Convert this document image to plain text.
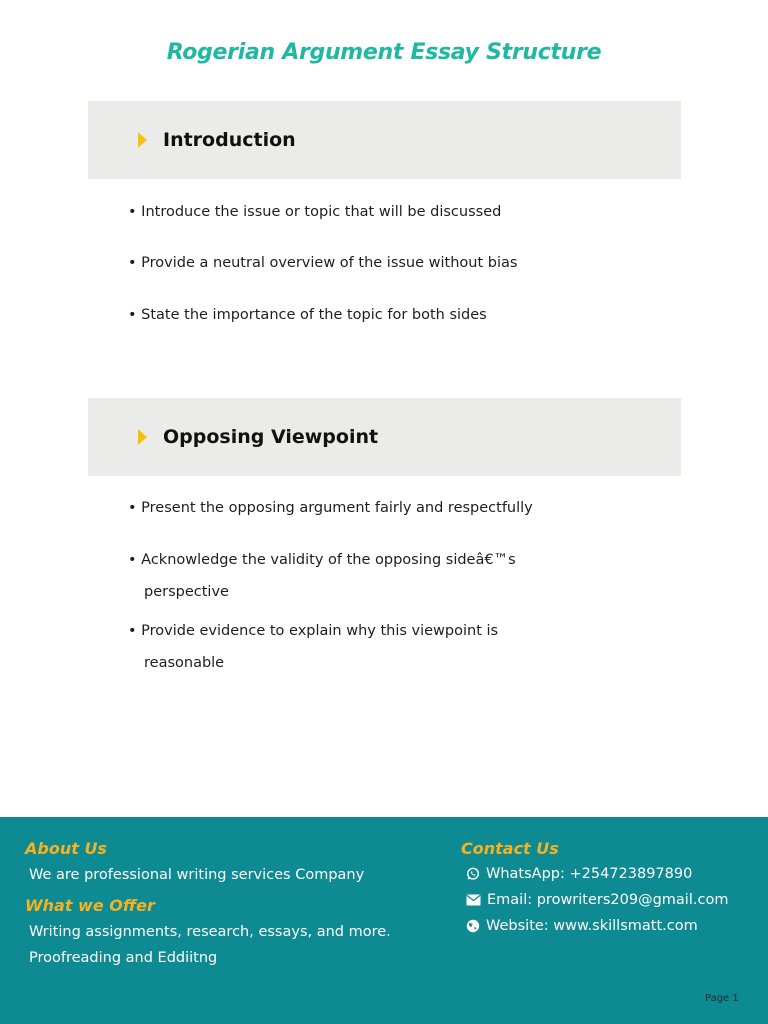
Rogerian Argument Essay Structure
Introduction
• Introduce the issue or topic that will be discussed
• Provide a neutral overview of the issue without bias
• State the importance of the topic for both sides
Opposing Viewpoint
• Present the opposing argument fairly and respectfully
• Acknowledge the validity of the opposing sideâ€™s
perspective
• Provide evidence to explain why this viewpoint is
reasonable
About Us
We are professional writing services Company
What we Offer
Writing assignments, research, essays, and more.
Proofreading and Eddiitng
Contact Us
WhatsApp: +254723897890
Email: prowriters209@gmail.com
Website: www.skillsmatt.com
Page 1
